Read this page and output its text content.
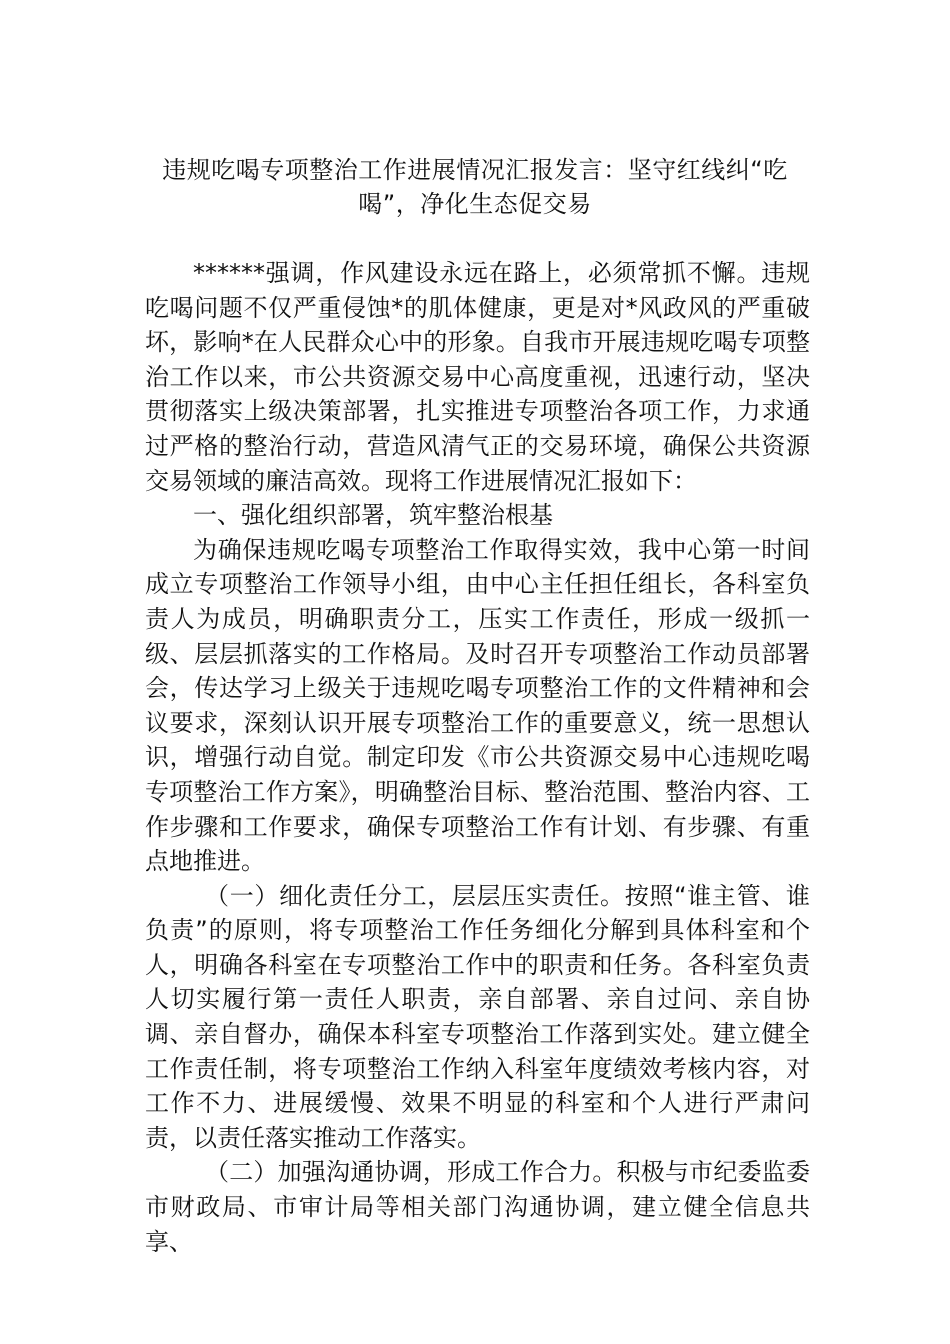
违规吃喝专项整治工作进展情况汇报发言：坚守红线纠“吃喝”，净化生态促交易

******强调，作风建设永远在路上，必须常抓不懈。违规吃喝问题不仅严重侵蚀*的肌体健康，更是对*风政风的严重破坏，影响*在人民群众心中的形象。自我市开展违规吃喝专项整治工作以来，市公共资源交易中心高度重视，迅速行动，坚决贯彻落实上级决策部署，扎实推进专项整治各项工作，力求通过严格的整治行动，营造风清气正的交易环境，确保公共资源交易领域的廉洁高效。现将工作进展情况汇报如下：

一、强化组织部署，筑牢整治根基

为确保违规吃喝专项整治工作取得实效，我中心第一时间成立专项整治工作领导小组，由中心主任担任组长，各科室负责人为成员，明确职责分工，压实工作责任，形成一级抓一级、层层抓落实的工作格局。及时召开专项整治工作动员部署会，传达学习上级关于违规吃喝专项整治工作的文件精神和会议要求，深刻认识开展专项整治工作的重要意义，统一思想认识，增强行动自觉。制定印发《市公共资源交易中心违规吃喝专项整治工作方案》，明确整治目标、整治范围、整治内容、工作步骤和工作要求，确保专项整治工作有计划、有步骤、有重点地推进。

（一）细化责任分工，层层压实责任。按照“谁主管、谁负责”的原则，将专项整治工作任务细化分解到具体科室和个人，明确各科室在专项整治工作中的职责和任务。各科室负责人切实履行第一责任人职责，亲自部署、亲自过问、亲自协调、亲自督办，确保本科室专项整治工作落到实处。建立健全工作责任制，将专项整治工作纳入科室年度绩效考核内容，对工作不力、进展缓慢、效果不明显的科室和个人进行严肃问责，以责任落实推动工作落实。

（二）加强沟通协调，形成工作合力。积极与市纪委监委市财政局、市审计局等相关部门沟通协调，建立健全信息共享、
